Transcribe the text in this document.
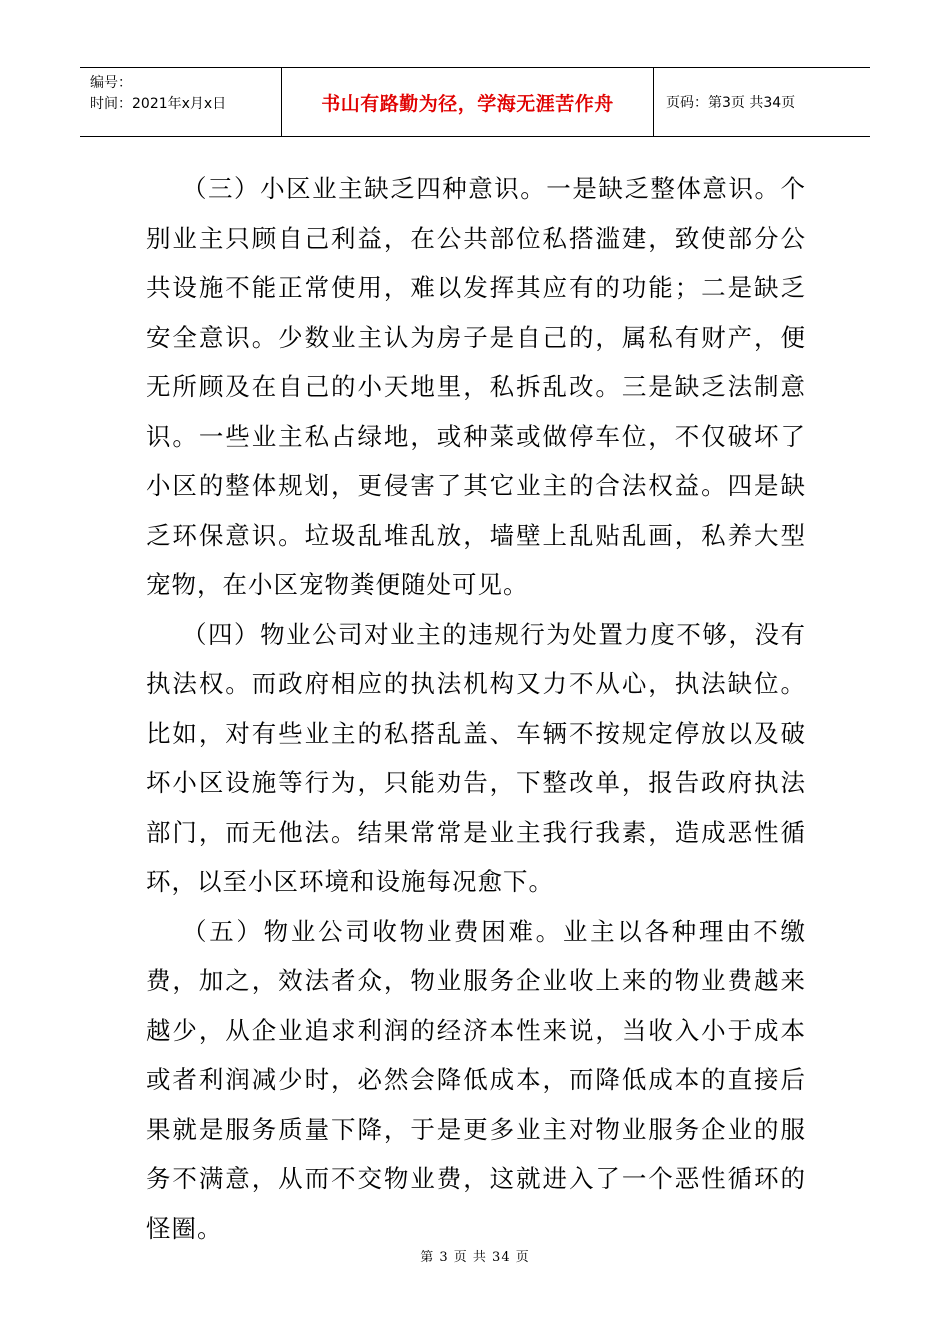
编号：
时间：2021年x月x日	书山有路勤为径，学海无涯苦作舟	页码：第3页 共34页

（三）小区业主缺乏四种意识。一是缺乏整体意识。个别业主只顾自己利益，在公共部位私搭滥建，致使部分公共设施不能正常使用，难以发挥其应有的功能；二是缺乏安全意识。少数业主认为房子是自己的，属私有财产，便无所顾及在自己的小天地里，私拆乱改。三是缺乏法制意识。一些业主私占绿地，或种菜或做停车位，不仅破坏了小区的整体规划，更侵害了其它业主的合法权益。四是缺乏环保意识。垃圾乱堆乱放，墙壁上乱贴乱画，私养大型宠物，在小区宠物粪便随处可见。

（四）物业公司对业主的违规行为处置力度不够，没有执法权。而政府相应的执法机构又力不从心，执法缺位。比如，对有些业主的私搭乱盖、车辆不按规定停放以及破坏小区设施等行为，只能劝告，下整改单，报告政府执法部门，而无他法。结果常常是业主我行我素，造成恶性循环，以至小区环境和设施每况愈下。

（五）物业公司收物业费困难。业主以各种理由不缴费，加之，效法者众，物业服务企业收上来的物业费越来越少，从企业追求利润的经济本性来说，当收入小于成本或者利润减少时，必然会降低成本，而降低成本的直接后果就是服务质量下降，于是更多业主对物业服务企业的服务不满意，从而不交物业费，这就进入了一个恶性循环的怪圈。

第 3 页 共 34 页
